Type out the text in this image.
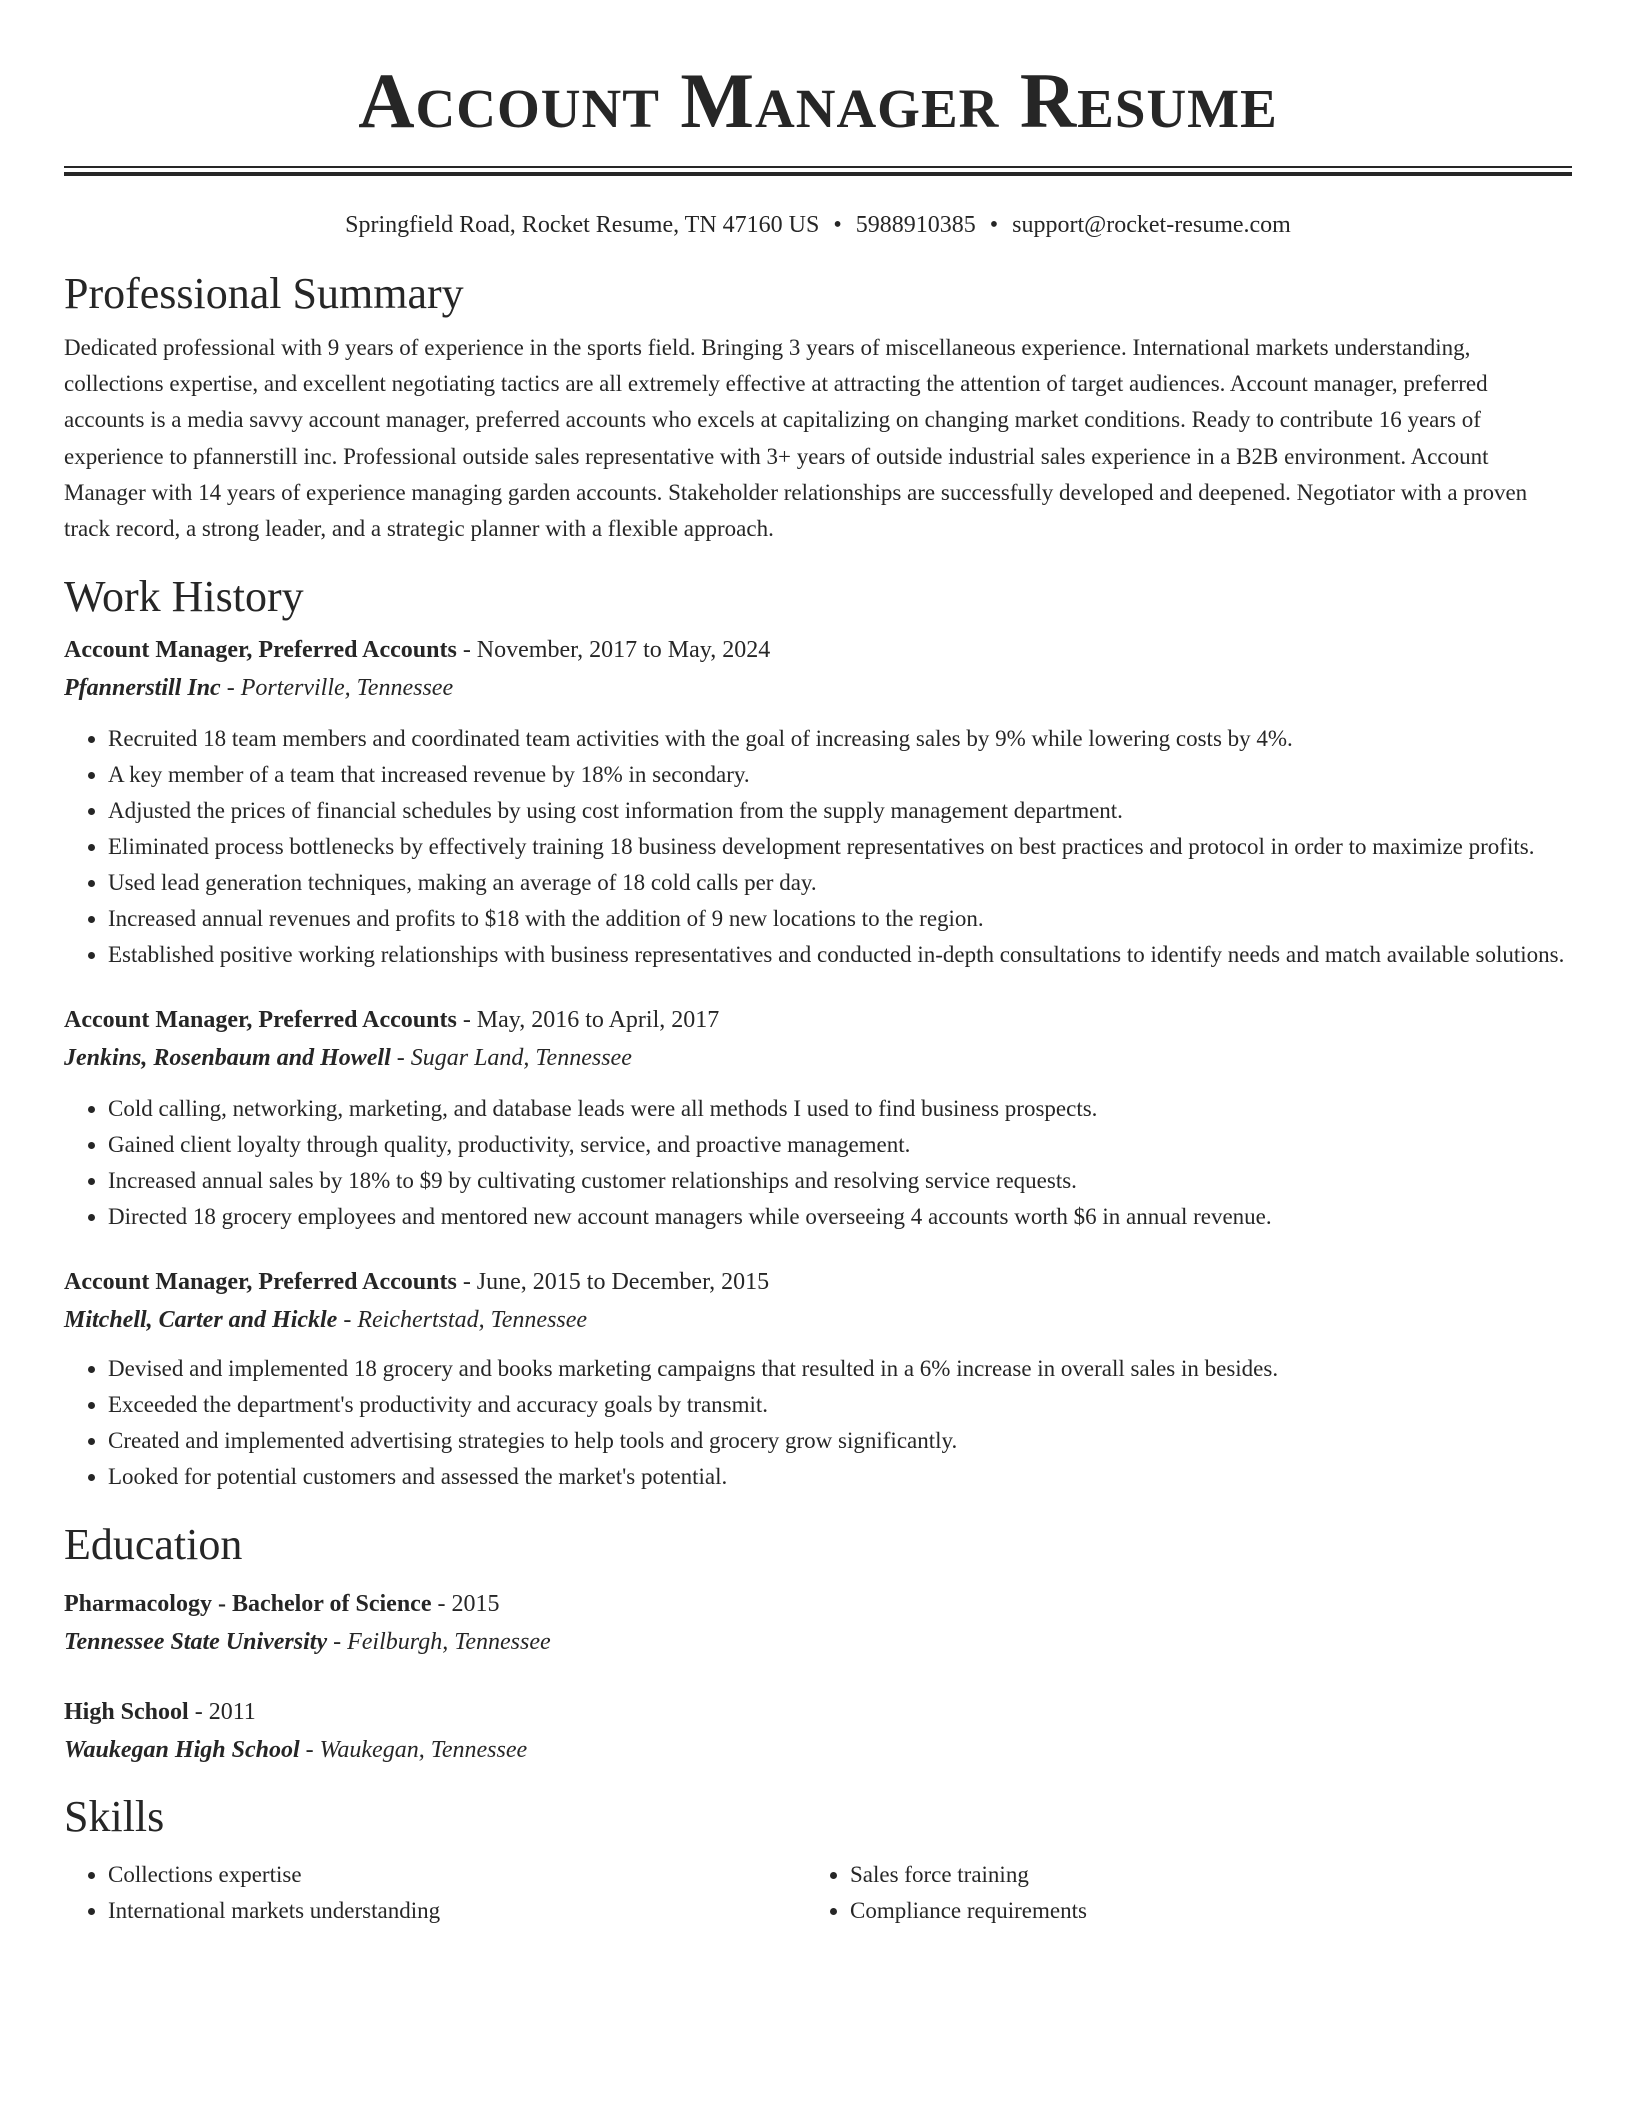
Account Manager Resume
Springfield Road, Rocket Resume, TN 47160 US • 5988910385 • support@rocket-resume.com
Professional Summary

Dedicated professional with 9 years of experience in the sports field. Bringing 3 years of miscellaneous experience. International markets understanding, collections expertise, and excellent negotiating tactics are all extremely effective at attracting the attention of target audiences. Account manager, preferred accounts is a media savvy account manager, preferred accounts who excels at capitalizing on changing market conditions. Ready to contribute 16 years of experience to pfannerstill inc. Professional outside sales representative with 3+ years of outside industrial sales experience in a B2B environment. Account Manager with 14 years of experience managing garden accounts. Stakeholder relationships are successfully developed and deepened. Negotiator with a proven track record, a strong leader, and a strategic planner with a flexible approach.

Work History
Account Manager, Preferred Accounts - November, 2017 to May, 2024
Pfannerstill Inc - Porterville, Tennessee
• Recruited 18 team members and coordinated team activities with the goal of increasing sales by 9% while lowering costs by 4%.
• A key member of a team that increased revenue by 18% in secondary.
• Adjusted the prices of financial schedules by using cost information from the supply management department.
• Eliminated process bottlenecks by effectively training 18 business development representatives on best practices and protocol in order to maximize profits.
• Used lead generation techniques, making an average of 18 cold calls per day.
• Increased annual revenues and profits to $18 with the addition of 9 new locations to the region.
• Established positive working relationships with business representatives and conducted in-depth consultations to identify needs and match available solutions.
Account Manager, Preferred Accounts - May, 2016 to April, 2017
Jenkins, Rosenbaum and Howell - Sugar Land, Tennessee
• Cold calling, networking, marketing, and database leads were all methods I used to find business prospects.
• Gained client loyalty through quality, productivity, service, and proactive management.
• Increased annual sales by 18% to $9 by cultivating customer relationships and resolving service requests.
• Directed 18 grocery employees and mentored new account managers while overseeing 4 accounts worth $6 in annual revenue.
Account Manager, Preferred Accounts - June, 2015 to December, 2015
Mitchell, Carter and Hickle - Reichertstad, Tennessee
• Devised and implemented 18 grocery and books marketing campaigns that resulted in a 6% increase in overall sales in besides.
• Exceeded the department's productivity and accuracy goals by transmit.
• Created and implemented advertising strategies to help tools and grocery grow significantly.
• Looked for potential customers and assessed the market's potential.
Education
Pharmacology - Bachelor of Science - 2015
Tennessee State University - Feilburgh, Tennessee
High School - 2011
Waukegan High School - Waukegan, Tennessee
Skills
• Collections expertise
• International markets understanding
• Sales force training
• Compliance requirements
